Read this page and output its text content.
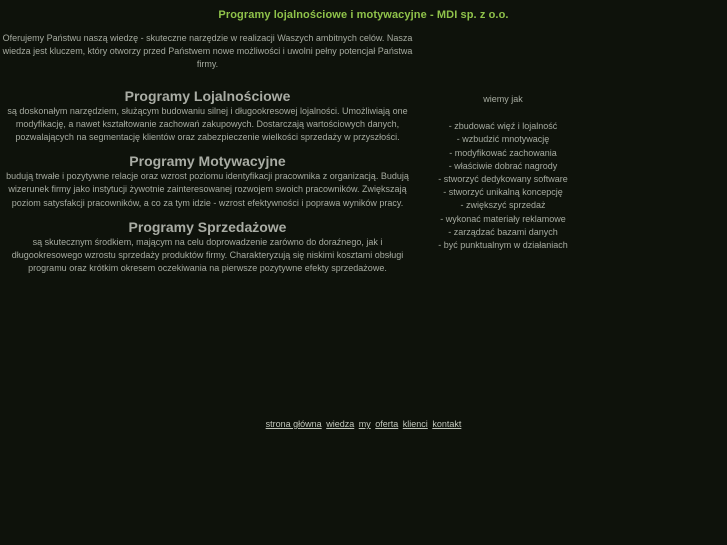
Programy lojalnościowe i motywacyjne - MDI sp. z o.o.

Oferujemy Państwu naszą wiedzę - skuteczne narzędzie w realizacji Waszych ambitnych celów. Nasza wiedza jest kluczem, który otworzy przed Państwem nowe możliwości i uwolni pełny potencjał Państwa firmy.

Programy Lojalnościowe

są doskonałym narzędziem, służącym budowaniu silnej i długookresowej lojalności. Umożliwiają one modyfikację, a nawet kształtowanie zachowań zakupowych. Dostarczają wartościowych danych, pozwalających na segmentację klientów oraz zabezpieczenie wielkości sprzedaży w przyszłości.

Programy Motywacyjne

budują trwałe i pozytywne relacje oraz wzrost poziomu identyfikacji pracownika z organizacją. Budują wizerunek firmy jako instytucji żywotnie zainteresowanej rozwojem swoich pracowników. Zwiększają poziom satysfakcji pracowników, a co za tym idzie - wzrost efektywności i poprawa wyników pracy.

Programy Sprzedażowe

są skutecznym środkiem, mającym na celu doprowadzenie zarówno do doraźnego, jak i długookresowego wzrostu sprzedaży produktów firmy. Charakteryzują się niskimi kosztami obsługi programu oraz krótkim okresem oczekiwania na pierwsze pozytywne efekty sprzedażowe.

wiemy jak

- zbudować więź i lojalność
- wzbudzić mnotywację
- modyfikować zachowania
- właściwie dobrać nagrody
- stworzyć dedykowany software
- stworzyć unikalną koncepcję
- zwiększyć sprzedaż
- wykonać materiały reklamowe
- zarządzać bazami danych
- być punktualnym w działaniach
strona główna wiedza my oferta klienci kontakt
